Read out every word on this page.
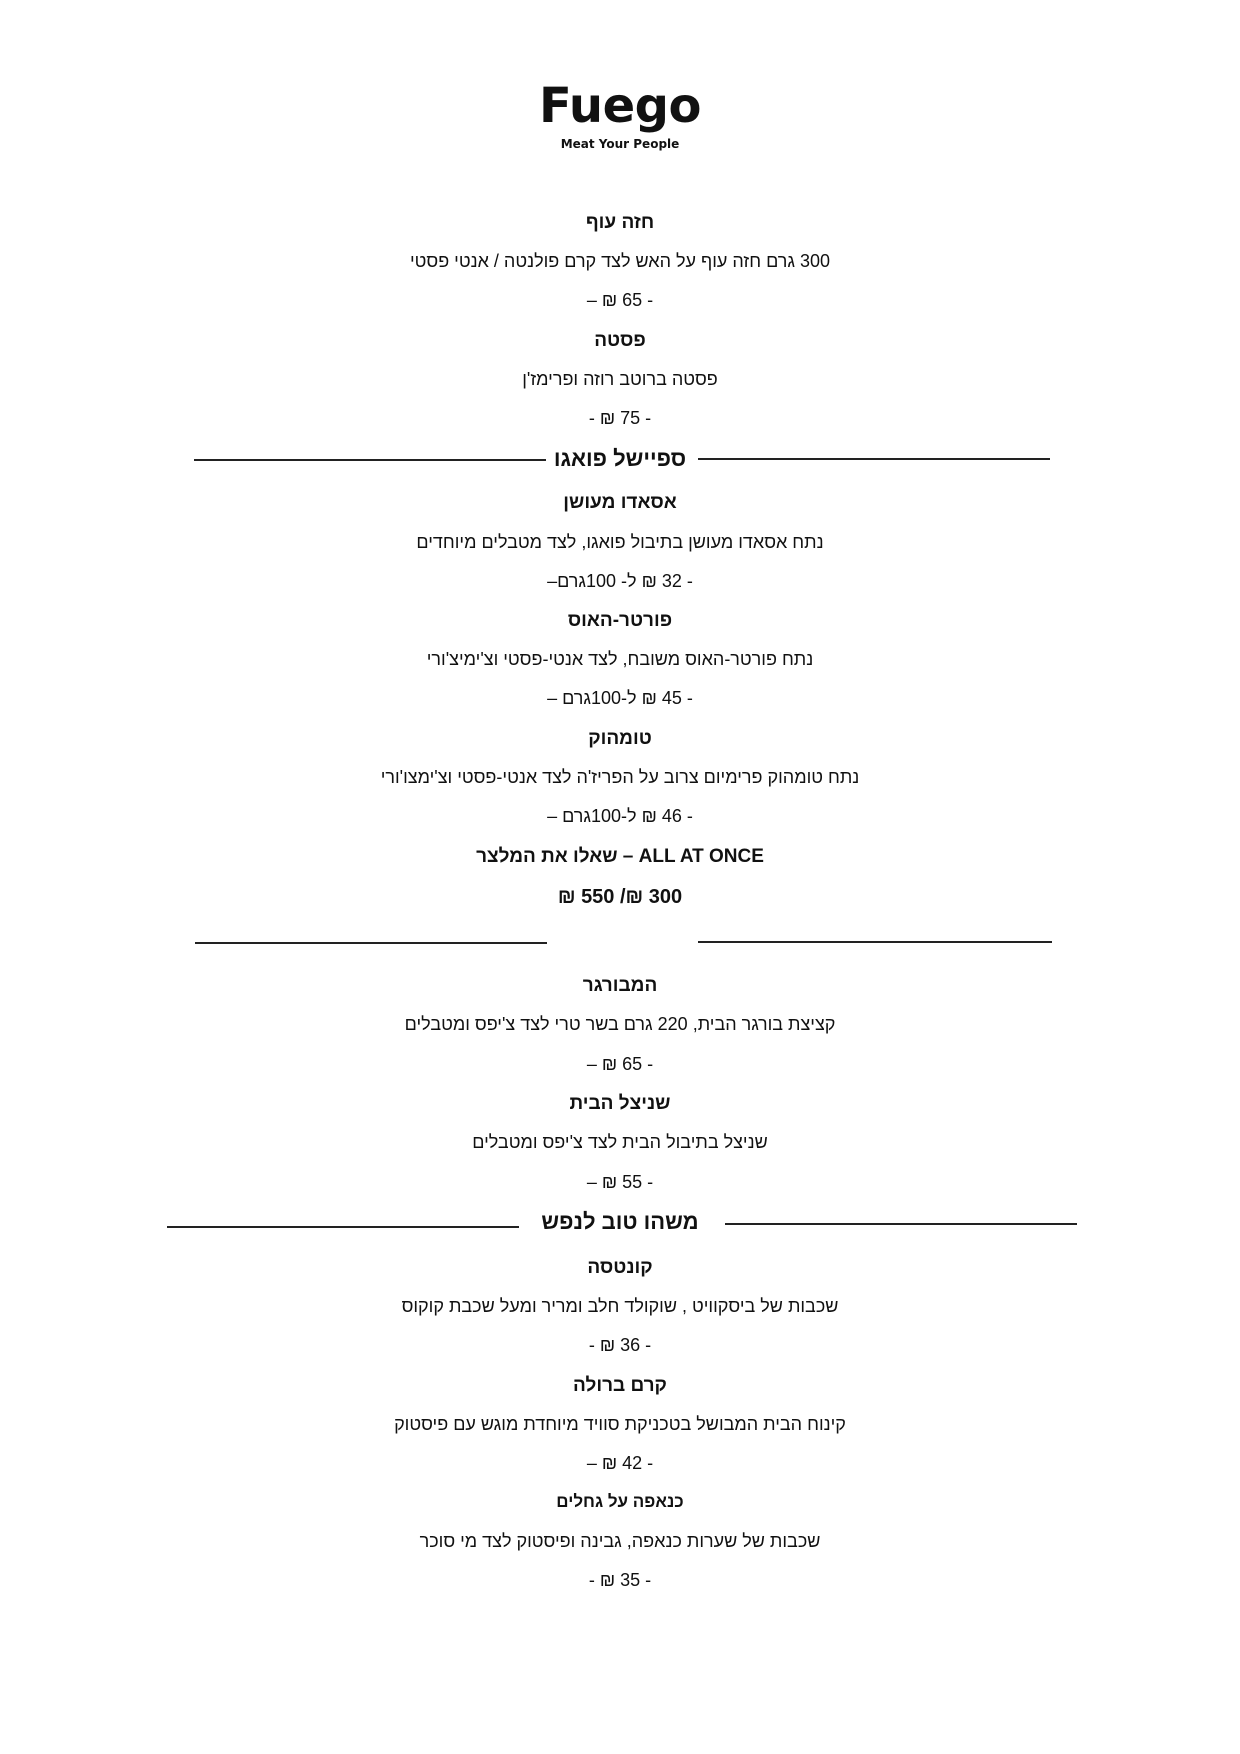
Fuego
Meat Your People
חזה עוף
300 גרם חזה עוף על האש לצד קרם פולנטה / אנטי פסטי
- 65 ₪ –
פסטה
פסטה ברוטב רוזה ופרימז'ן
- 75 ₪ -
ספיישל פואגו
אסאדו מעושן
נתח אסאדו מעושן בתיבול פואגו, לצד מטבלים מיוחדים
- 32 ₪ ל- 100גרם–
פורטר-האוס
נתח פורטר-האוס משובח, לצד אנטי-פסטי וצ'ימיצ'ורי
- 45 ₪ ל-100גרם –
טומהוק
נתח טומהוק פרימיום צרוב על הפריז'ה לצד אנטי-פסטי וצ'ימצו'ורי
- 46 ₪ ל-100גרם –
ALL AT ONCE – שאלו את המלצר
300 ₪/ 550 ₪
המבורגר
קציצת בורגר הבית, 220 גרם בשר טרי לצד צ'יפס ומטבלים
- 65 ₪ –
שניצל הבית
שניצל בתיבול הבית לצד צ'יפס ומטבלים
- 55 ₪ –
משהו טוב לנפש
קונטסה
שכבות של ביסקוויט , שוקולד חלב ומריר ומעל שכבת קוקוס
- 36 ₪ -
קרם ברולה
קינוח הבית המבושל בטכניקת סוויד מיוחדת מוגש עם פיסטוק
- 42 ₪ –
כנאפה על גחלים
שכבות של שערות כנאפה, גבינה ופיסטוק לצד מי סוכר
- 35 ₪ -
